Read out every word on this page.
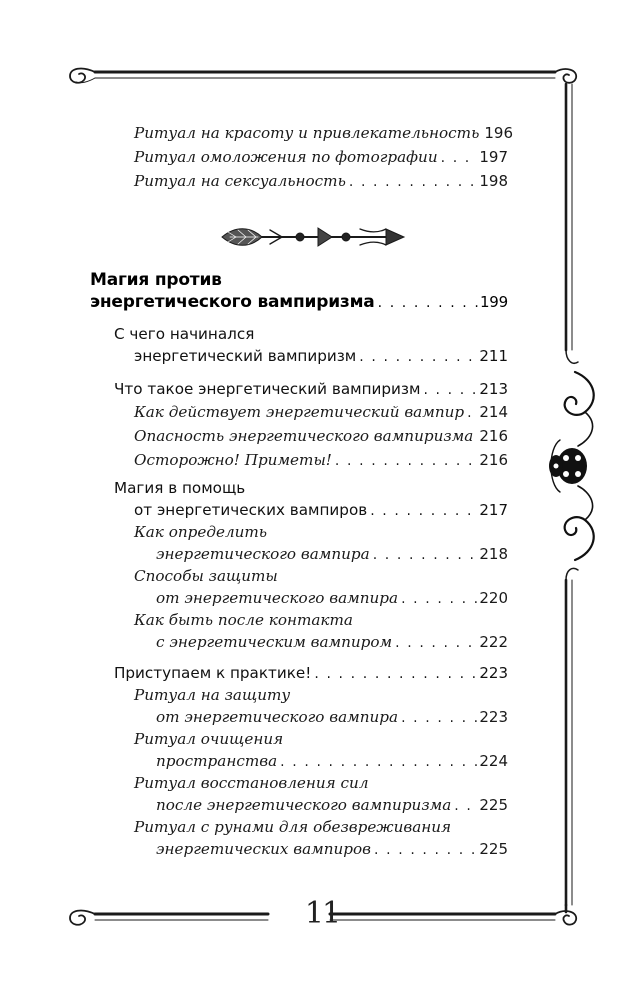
Ритуал на красоту и привлекательность 196
Ритуал омоложения по фотографии . . .	197
Ритуал на сексуальность . . .	198
Магия против
энергетического вампиризма . . .	199
С чего начинался
энергетический вампиризм . . .	211
Что такое энергетический вампиризм . . .	213
Как действует энергетический вампир . . . 214
Опасность энергетического вампиризма . . . 216
Осторожно! Приметы! . . .	216
Магия в помощь
от энергетических вампиров . . .	217
Как определить
энергетического вампира . . .	218
Способы защиты
от энергетического вампира . . .	220
Как быть после контакта
с энергетическим вампиром . . .	222
Приступаем к практике! . . .	223
Ритуал на защиту
от энергетического вампира . . .	223
Ритуал очищения
пространства . . .	224
Ритуал восстановления сил
после энергетического вампиризма . . . 225
Ритуал с рунами для обезвреживания
энергетических вампиров . . .	225
11
